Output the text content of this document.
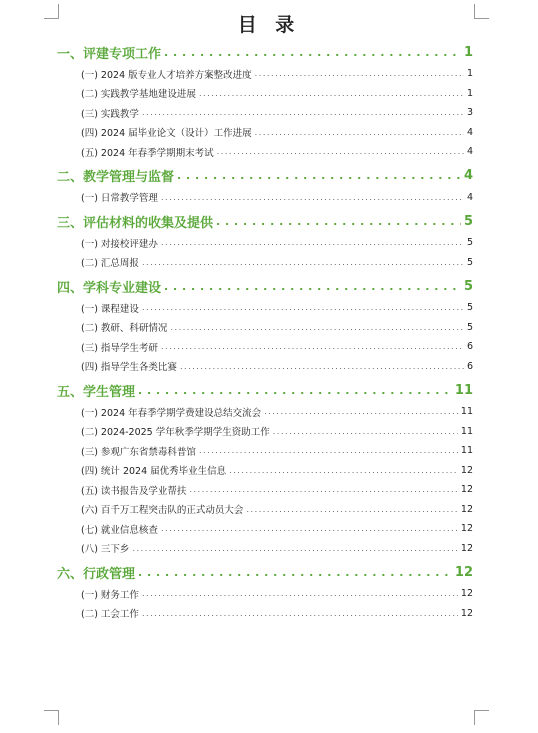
目 录
一、评建专项工作 . . .	1
(一) 2024 版专业人才培养方案整改进度 . . .	1
(二) 实践教学基地建设进展 . . .	1
(三) 实践教学 . . .	3
(四) 2024 届毕业论文（设计）工作进展 . . .	4
(五) 2024 年春季学期期末考试 . . .	4
二、教学管理与监督 . . .	4
(一) 日常教学管理 . . .	4
三、评估材料的收集及提供 . . .	5
(一) 对接校评建办 . . .	5
(二) 汇总周报 . . .	5
四、学科专业建设 . . .	5
(一) 课程建设 . . .	5
(二) 教研、科研情况 . . .	5
(三) 指导学生考研 . . .	6
(四) 指导学生各类比赛 . . .	6
五、学生管理 . . .	11
(一) 2024 年春季学期学费建设总结交流会 . . .	11
(二) 2024-2025 学年秋季学期学生资助工作 . . .	11
(三) 参观广东省禁毒科普馆 . . .	11
(四) 统计 2024 届优秀毕业生信息 . . .	12
(五) 读书报告及学业帮扶 . . .	12
(六) 百千万工程突击队的正式动员大会 . . .	12
(七) 就业信息核查 . . .	12
(八) 三下乡 . . .	12
六、行政管理 . . .	12
(一) 财务工作 . . .	12
(二) 工会工作 . . .	12
